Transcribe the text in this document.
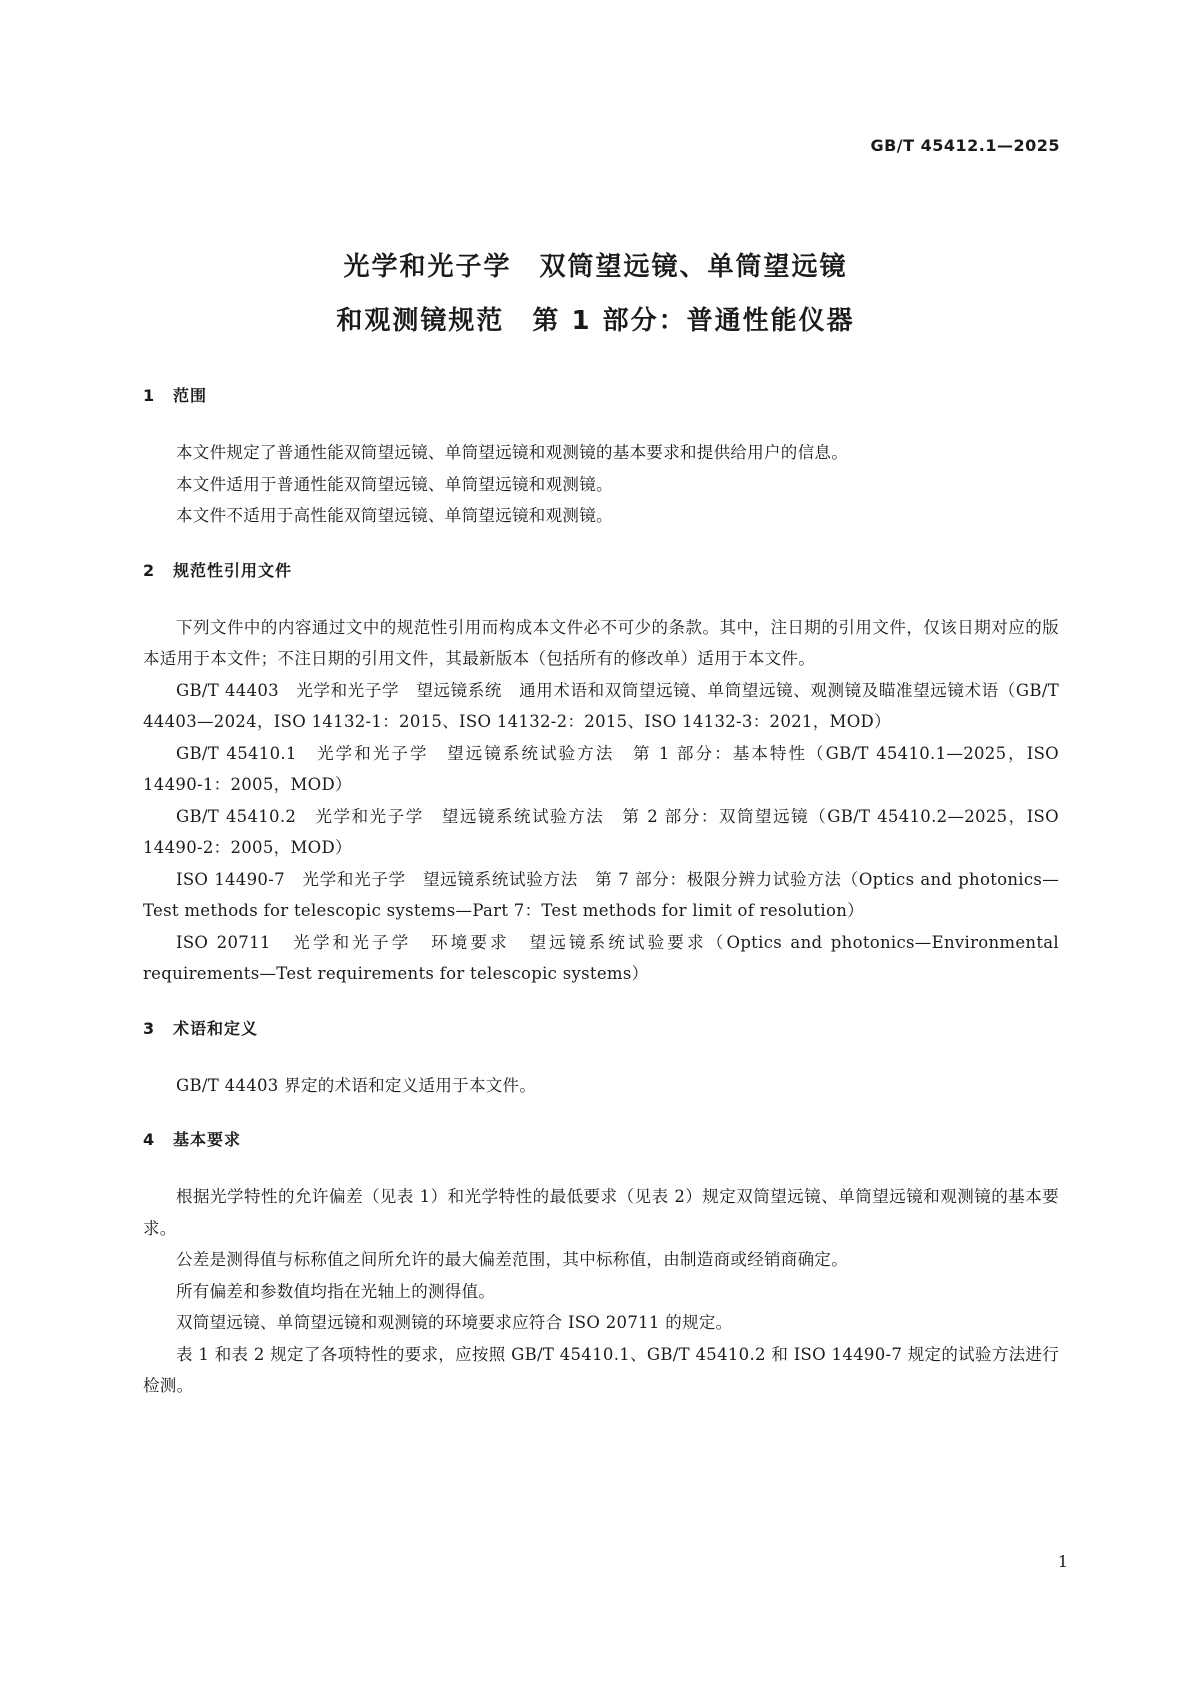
GB/T 45412.1—2025
光学和光子学　双筒望远镜、单筒望远镜
和观测镜规范　第 1 部分：普通性能仪器
1 范围

本文件规定了普通性能双筒望远镜、单筒望远镜和观测镜的基本要求和提供给用户的信息。

本文件适用于普通性能双筒望远镜、单筒望远镜和观测镜。

本文件不适用于高性能双筒望远镜、单筒望远镜和观测镜。

2 规范性引用文件

下列文件中的内容通过文中的规范性引用而构成本文件必不可少的条款。其中，注日期的引用文件，仅该日期对应的版本适用于本文件；不注日期的引用文件，其最新版本（包括所有的修改单）适用于本文件。

GB/T 44403　光学和光子学　望远镜系统　通用术语和双筒望远镜、单筒望远镜、观测镜及瞄准望远镜术语（GB/T 44403—2024，ISO 14132-1：2015、ISO 14132-2：2015、ISO 14132-3：2021，MOD）

GB/T 45410.1　光学和光子学　望远镜系统试验方法　第 1 部分：基本特性（GB/T 45410.1—2025，ISO 14490-1：2005，MOD）

GB/T 45410.2　光学和光子学　望远镜系统试验方法　第 2 部分：双筒望远镜（GB/T 45410.2—2025，ISO 14490-2：2005，MOD）

ISO 14490-7　光学和光子学　望远镜系统试验方法　第 7 部分：极限分辨力试验方法（Optics and photonics—Test methods for telescopic systems—Part 7：Test methods for limit of resolution）

ISO 20711　光学和光子学　环境要求　望远镜系统试验要求（Optics and photonics—Environmental requirements—Test requirements for telescopic systems）

3 术语和定义

GB/T 44403 界定的术语和定义适用于本文件。

4 基本要求

根据光学特性的允许偏差（见表 1）和光学特性的最低要求（见表 2）规定双筒望远镜、单筒望远镜和观测镜的基本要求。

公差是测得值与标称值之间所允许的最大偏差范围，其中标称值，由制造商或经销商确定。

所有偏差和参数值均指在光轴上的测得值。

双筒望远镜、单筒望远镜和观测镜的环境要求应符合 ISO 20711 的规定。

表 1 和表 2 规定了各项特性的要求，应按照 GB/T 45410.1、GB/T 45410.2 和 ISO 14490-7 规定的试验方法进行检测。

1
